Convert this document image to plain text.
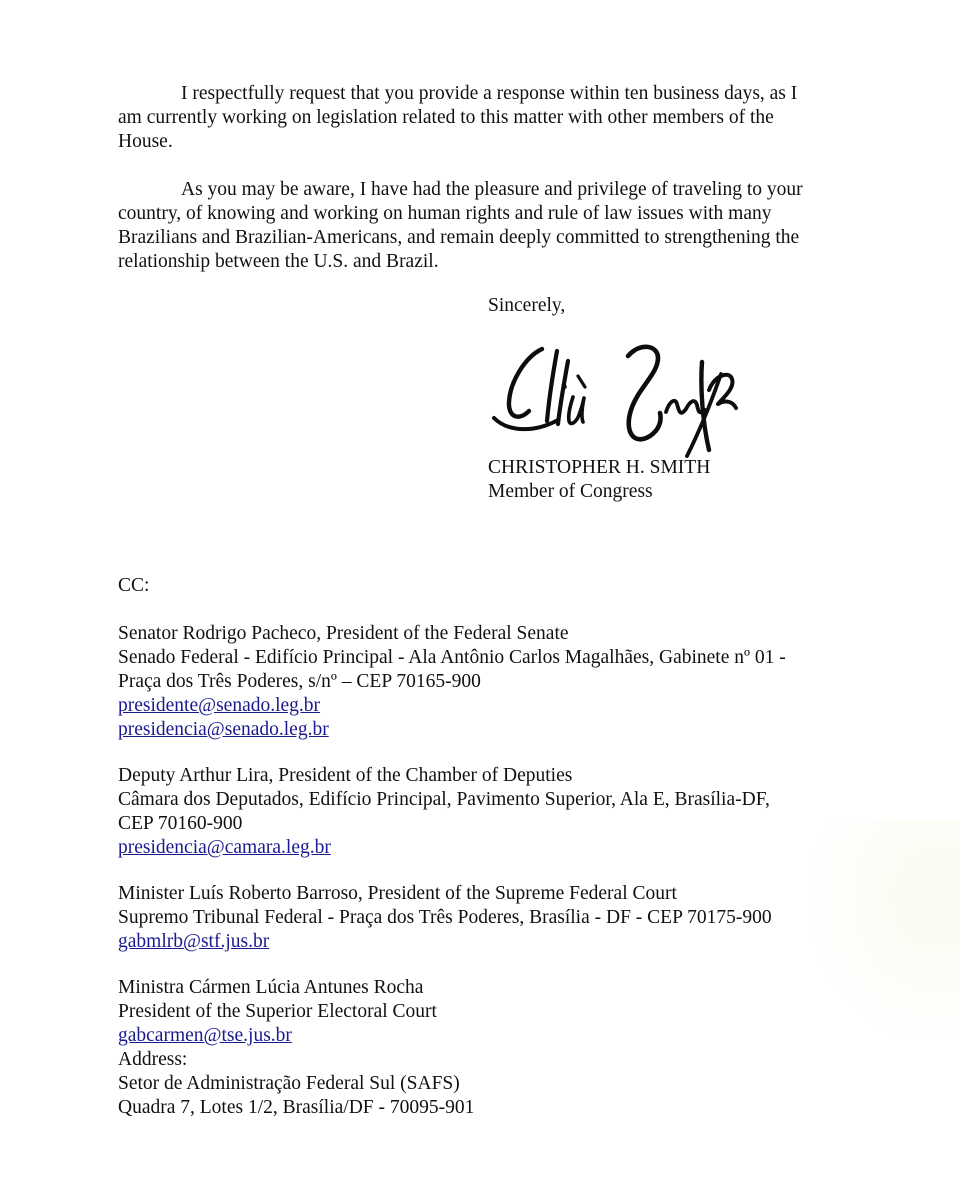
I respectfully request that you provide a response within ten business days, as I
am currently working on legislation related to this matter with other members of the
House.
As you may be aware, I have had the pleasure and privilege of traveling to your
country, of knowing and working on human rights and rule of law issues with many
Brazilians and Brazilian-Americans, and remain deeply committed to strengthening the
relationship between the U.S. and Brazil.
Sincerely,
CHRISTOPHER H. SMITH
Member of Congress
CC:
Senator Rodrigo Pacheco, President of the Federal Senate
Senado Federal - Edifício Principal - Ala Antônio Carlos Magalhães, Gabinete nº 01 -
Praça dos Três Poderes, s/nº – CEP 70165-900
presidente@senado.leg.br
presidencia@senado.leg.br
Deputy Arthur Lira, President of the Chamber of Deputies
Câmara dos Deputados, Edifício Principal, Pavimento Superior, Ala E, Brasília-DF,
CEP 70160-900
presidencia@camara.leg.br
Minister Luís Roberto Barroso, President of the Supreme Federal Court
Supremo Tribunal Federal - Praça dos Três Poderes, Brasília - DF - CEP 70175-900
gabmlrb@stf.jus.br
Ministra Cármen Lúcia Antunes Rocha
President of the Superior Electoral Court
gabcarmen@tse.jus.br
Address:
Setor de Administração Federal Sul (SAFS)
Quadra 7, Lotes 1/2, Brasília/DF - 70095-901
